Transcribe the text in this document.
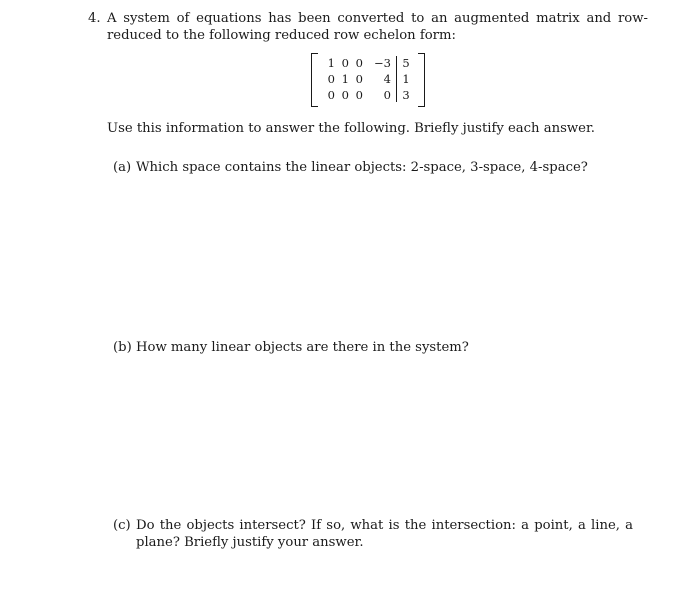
4. A system of equations has been converted to an augmented matrix and row-reduced to the following reduced row echelon form:
1 0 0 −3 5
0 1 0	4 1
0 0 0	0 3
Use this information to answer the following. Briefly justify each answer.
(a) Which space contains the linear objects: 2-space, 3-space, 4-space?
(b) How many linear objects are there in the system?
(c) Do the objects intersect? If so, what is the intersection: a point, a line, a plane? Briefly justify your answer.
